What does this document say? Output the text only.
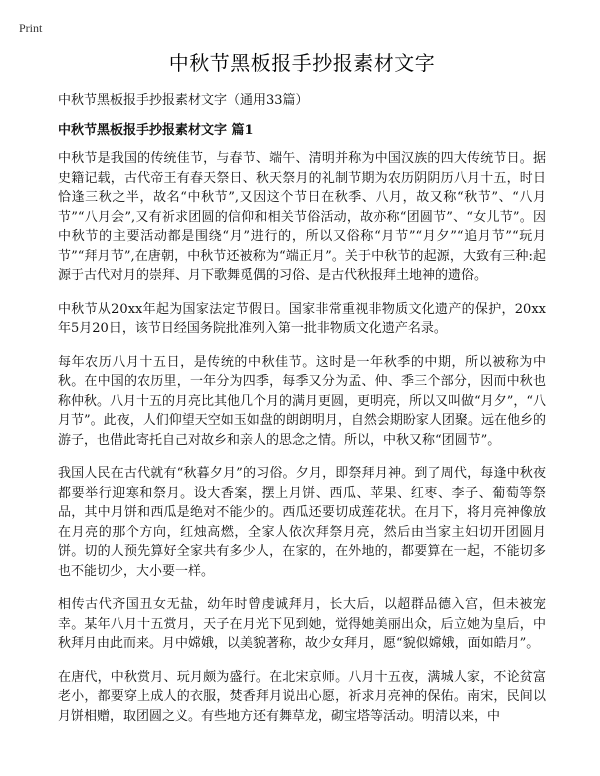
Print
中秋节黑板报手抄报素材文字

中秋节黑板报手抄报素材文字（通用33篇）

中秋节黑板报手抄报素材文字 篇1

中秋节是我国的传统佳节，与春节、端午、清明并称为中国汉族的四大传统节日。据史籍记载，古代帝王有春天祭日、秋天祭月的礼制节期为农历阴阴历八月十五，时日恰逢三秋之半，故名“中秋节”,又因这个节日在秋季、八月，故又称“秋节”、“八月节”“八月会”,又有祈求团圆的信仰和相关节俗活动，故亦称“团圆节”、“女儿节”。因中秋节的主要活动都是围绕“月”进行的，所以又俗称“月节”“月夕”“追月节”“玩月节”“拜月节”,在唐朝，中秋节还被称为“端正月”。关于中秋节的起源，大致有三种:起源于古代对月的崇拜、月下歌舞觅偶的习俗、是古代秋报拜土地神的遗俗。

中秋节从20xx年起为国家法定节假日。国家非常重视非物质文化遗产的保护，20xx年5月20日，该节日经国务院批准列入第一批非物质文化遗产名录。

每年农历八月十五日，是传统的中秋佳节。这时是一年秋季的中期，所以被称为中秋。在中国的农历里，一年分为四季，每季又分为孟、仲、季三个部分，因而中秋也称仲秋。八月十五的月亮比其他几个月的满月更圆，更明亮，所以又叫做“月夕”，“八月节”。此夜，人们仰望天空如玉如盘的朗朗明月，自然会期盼家人团聚。远在他乡的游子，也借此寄托自己对故乡和亲人的思念之情。所以，中秋又称“团圆节”。

我国人民在古代就有“秋暮夕月”的习俗。夕月，即祭拜月神。到了周代，每逢中秋夜都要举行迎寒和祭月。设大香案，摆上月饼、西瓜、苹果、红枣、李子、葡萄等祭品，其中月饼和西瓜是绝对不能少的。西瓜还要切成莲花状。在月下，将月亮神像放在月亮的那个方向，红烛高燃，全家人依次拜祭月亮，然后由当家主妇切开团圆月饼。切的人预先算好全家共有多少人，在家的，在外地的，都要算在一起，不能切多也不能切少，大小要一样。

相传古代齐国丑女无盐，幼年时曾虔诚拜月，长大后，以超群品德入宫，但未被宠幸。某年八月十五赏月，天子在月光下见到她，觉得她美丽出众，后立她为皇后，中秋拜月由此而来。月中嫦娥，以美貌著称，故少女拜月，愿“貌似嫦娥，面如皓月”。

在唐代，中秋赏月、玩月颇为盛行。在北宋京师。八月十五夜，满城人家，不论贫富老小，都要穿上成人的衣服，焚香拜月说出心愿，祈求月亮神的保佑。南宋，民间以月饼相赠，取团圆之义。有些地方还有舞草龙，砌宝塔等活动。明清以来，中
